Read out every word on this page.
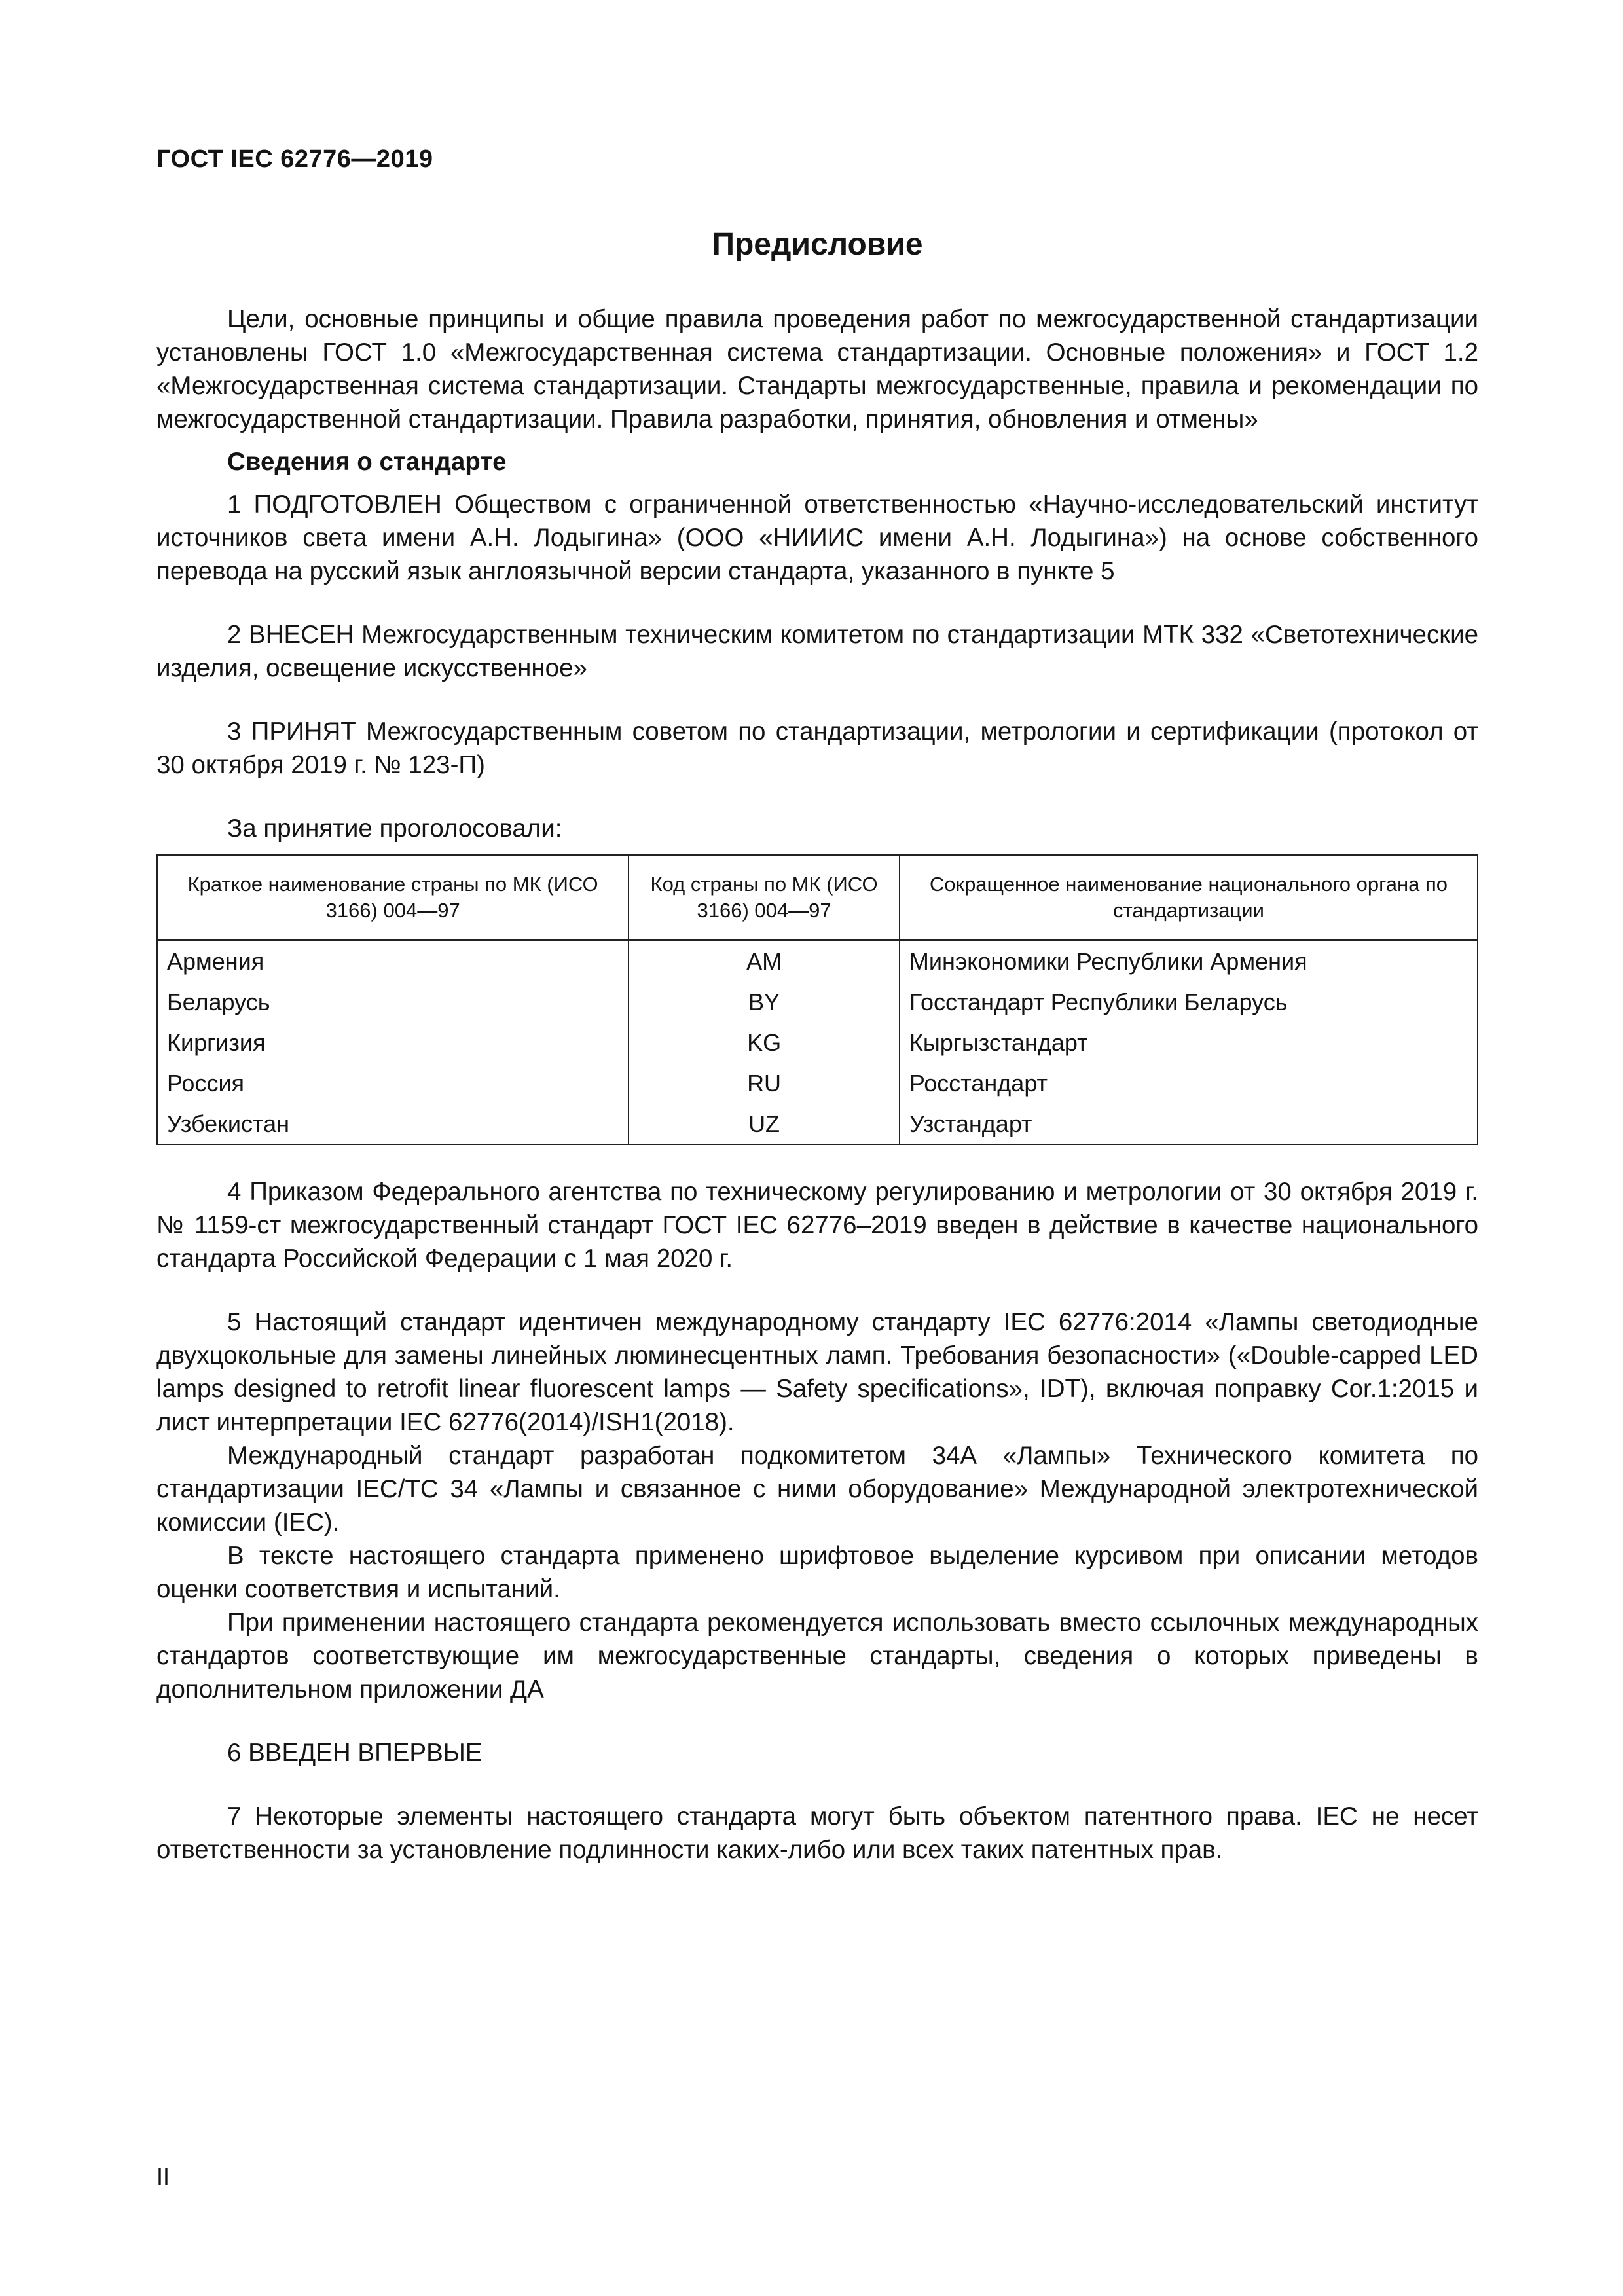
ГОСТ IEC 62776—2019
Предисловие

Цели, основные принципы и общие правила проведения работ по межгосударственной стандартизации установлены ГОСТ 1.0 «Межгосударственная система стандартизации. Основные положения» и ГОСТ 1.2 «Межгосударственная система стандартизации. Стандарты межгосударственные, правила и рекомендации по межгосударственной стандартизации. Правила разработки, принятия, обновления и отмены»

Сведения о стандарте

1 ПОДГОТОВЛЕН Обществом с ограниченной ответственностью «Научно-исследовательский институт источников света имени А.Н. Лодыгина» (ООО «НИИИС имени А.Н. Лодыгина») на основе собственного перевода на русский язык англоязычной версии стандарта, указанного в пункте 5

2 ВНЕСЕН Межгосударственным техническим комитетом по стандартизации МТК 332 «Светотехнические изделия, освещение искусственное»

3 ПРИНЯТ Межгосударственным советом по стандартизации, метрологии и сертификации (протокол от 30 октября 2019 г. № 123-П)

За принятие проголосовали:

Краткое наименование страны по МК (ИСО 3166) 004—97	Код страны по МК (ИСО 3166) 004—97	Сокращенное наименование национального органа по стандартизации
Армения	AM	Минэкономики Республики Армения
Беларусь	BY	Госстандарт Республики Беларусь
Киргизия	KG	Кыргызстандарт
Россия	RU	Росстандарт
Узбекистан	UZ	Узстандарт

4 Приказом Федерального агентства по техническому регулированию и метрологии от 30 октября 2019 г. № 1159-ст межгосударственный стандарт ГОСТ IEC 62776–2019 введен в действие в качестве национального стандарта Российской Федерации с 1 мая 2020 г.

5 Настоящий стандарт идентичен международному стандарту IEC 62776:2014 «Лампы светодиодные двухцокольные для замены линейных люминесцентных ламп. Требования безопасности» («Double-capped LED lamps designed to retrofit linear fluorescent lamps — Safety specifications», IDT), включая поправку Cor.1:2015 и лист интерпретации IEC 62776(2014)/ISH1(2018).

Международный стандарт разработан подкомитетом 34А «Лампы» Технического комитета по стандартизации IEC/TC 34 «Лампы и связанное с ними оборудование» Международной электротехнической комиссии (IEC).

В тексте настоящего стандарта применено шрифтовое выделение курсивом при описании методов оценки соответствия и испытаний.

При применении настоящего стандарта рекомендуется использовать вместо ссылочных международных стандартов соответствующие им межгосударственные стандарты, сведения о которых приведены в дополнительном приложении ДА

6 ВВЕДЕН ВПЕРВЫЕ

7 Некоторые элементы настоящего стандарта могут быть объектом патентного права. IEC не несет ответственности за установление подлинности каких-либо или всех таких патентных прав.

II
